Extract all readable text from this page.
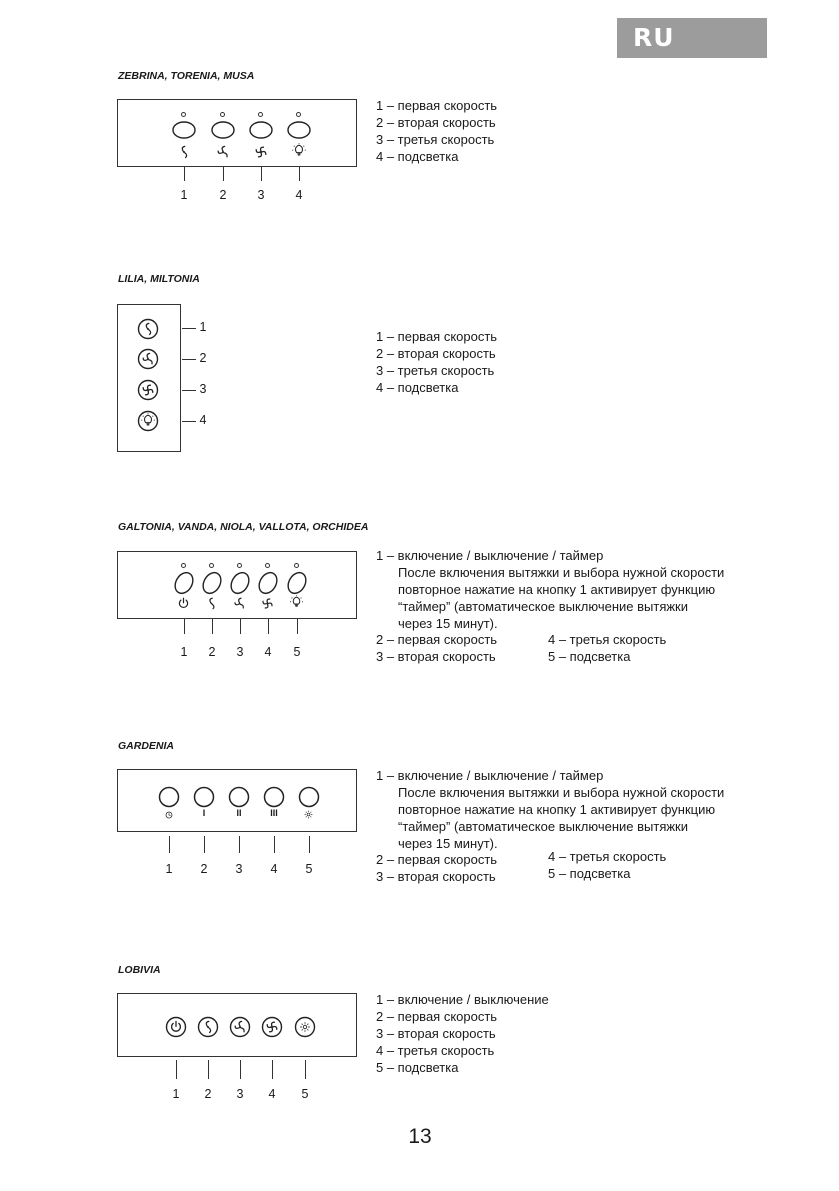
RU
ZEBRINA, TORENIA, MUSA
1	2	3	4
1 – первая скорость
2 – вторая скорость
3 – третья скорость
4 – подсветка
LILIA, MILTONIA
1
2
3
4
1 – первая скорость
2 – вторая скорость
3 – третья скорость
4 – подсветка
GALTONIA, VANDA, NIOLA, VALLOTA, ORCHIDEA
1	2	3	4	5
1 – включение / выключение / таймер
После включения вытяжки и выбора нужной скорости
повторное нажатие на кнопку 1 активирует функцию
“таймер” (автоматическое выключение вытяжки
через 15 минут).
2 – первая скорость
3 – вторая скорость
4 – третья скорость
5 – подсветка
GARDENIA
I	II	III
1	2	3	4	5
1 – включение / выключение / таймер
После включения вытяжки и выбора нужной скорости
повторное нажатие на кнопку 1 активирует функцию
“таймер” (автоматическое выключение вытяжки
через 15 минут).
2 – первая скорость
3 – вторая скорость
4 – третья скорость
5 – подсветка
LOBIVIA
1	2	3	4	5
1 – включение / выключение
2 – первая скорость
3 – вторая скорость
4 – третья скорость
5 – подсветка
13
